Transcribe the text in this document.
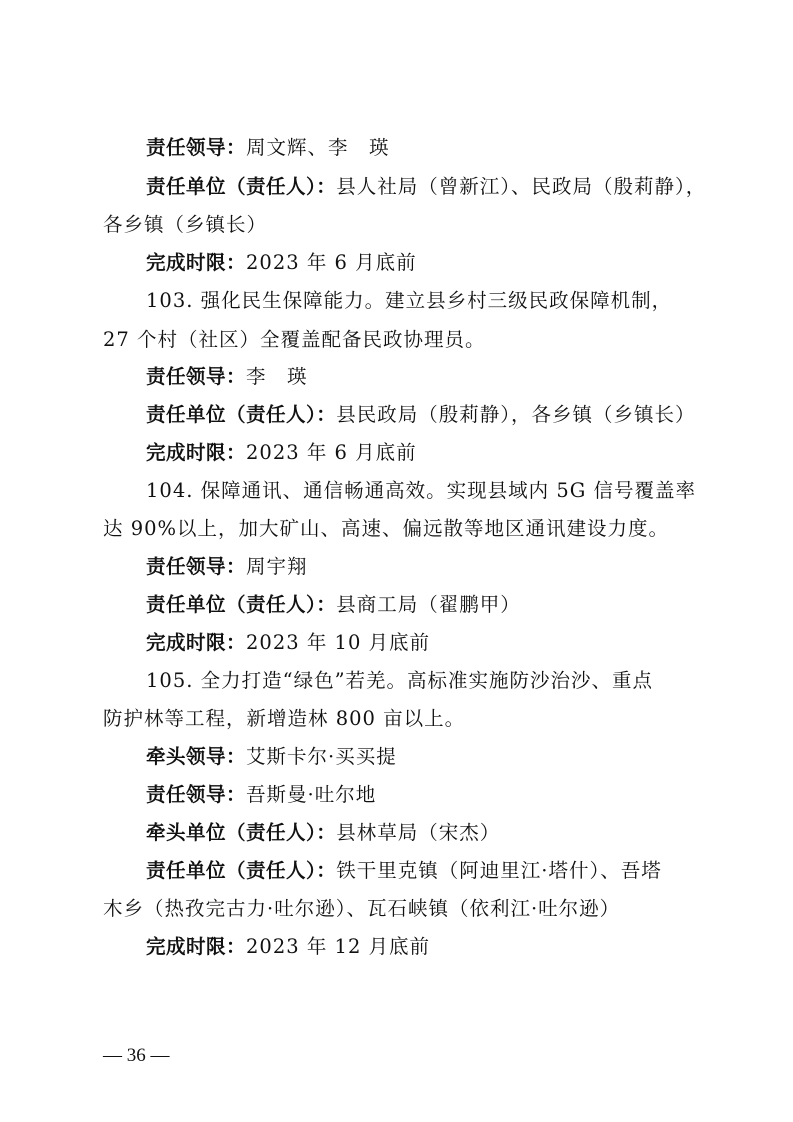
责任领导：周文辉、李　瑛
责任单位（责任人）：县人社局（曾新江）、民政局（殷莉静），
各乡镇（乡镇长）
完成时限：2023 年 6 月底前
103. 强化民生保障能力。建立县乡村三级民政保障机制，
27 个村（社区）全覆盖配备民政协理员。
责任领导：李　瑛
责任单位（责任人）：县民政局（殷莉静），各乡镇（乡镇长）
完成时限：2023 年 6 月底前
104. 保障通讯、通信畅通高效。实现县域内 5G 信号覆盖率
达 90%以上，加大矿山、高速、偏远散等地区通讯建设力度。
责任领导：周宇翔
责任单位（责任人）：县商工局（翟鹏甲）
完成时限：2023 年 10 月底前
105. 全力打造“绿色”若羌。高标准实施防沙治沙、重点
防护林等工程，新增造林 800 亩以上。
牵头领导：艾斯卡尔·买买提
责任领导：吾斯曼·吐尔地
牵头单位（责任人）：县林草局（宋杰）
责任单位（责任人）：铁干里克镇（阿迪里江·塔什）、吾塔
木乡（热孜完古力·吐尔逊）、瓦石峡镇（依利江·吐尔逊）
完成时限：2023 年 12 月底前
— 36 —
